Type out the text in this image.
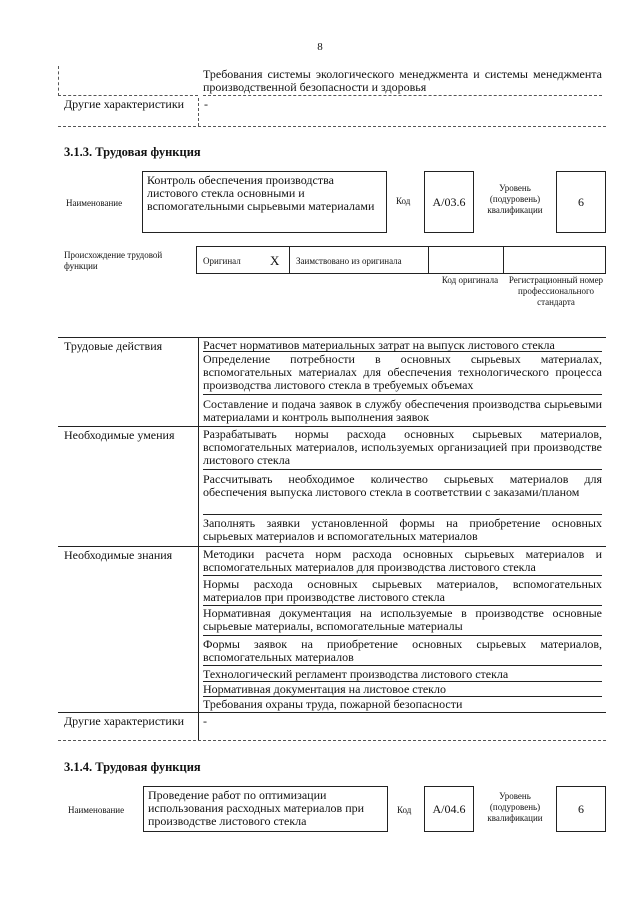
8
Требования системы экологического менеджмента и системы менеджмента производственной безопасности и здоровья
Другие характеристики	-
3.1.3. Трудовая функция
Наименование
Контроль обеспечения производства листового стекла основными и вспомогательными сырьевыми материалами	Код	А/03.6
Уровень (подуровень) квалификации
6
Происхождение трудовой функции	Оригинал X Заимствовано из оригинала
Код оригинала	Регистрационный номер профессионального стандарта
Трудовые действия	Расчет нормативов материальных затрат на выпуск листового стекла
Определение потребности в основных сырьевых материалах, вспомогательных материалах для обеспечения технологического процесса производства листового стекла в требуемых объемах
Составление и подача заявок в службу обеспечения производства сырьевыми материалами и контроль выполнения заявок
Необходимые умения	Разрабатывать нормы расхода основных сырьевых материалов, вспомогательных материалов, используемых организацией при производстве листового стекла
Рассчитывать необходимое количество сырьевых материалов для обеспечения выпуска листового стекла в соответствии с заказами/планом
Заполнять заявки установленной формы на приобретение основных сырьевых материалов и вспомогательных материалов
Необходимые знания	Методики расчета норм расхода основных сырьевых материалов и вспомогательных материалов для производства листового стекла
Нормы расхода основных сырьевых материалов, вспомогательных материалов при производстве листового стекла
Нормативная документация на используемые в производстве основные сырьевые материалы, вспомогательные материалы
Формы заявок на приобретение основных сырьевых материалов, вспомогательных материалов
Технологический регламент производства листового стекла
Нормативная документация на листовое стекло
Требования охраны труда, пожарной безопасности
Другие характеристики	-
3.1.4. Трудовая функция
Наименование
Проведение работ по оптимизации использования расходных материалов при производстве листового стекла
Код	А/04.6
Уровень (подуровень) квалификации
6
